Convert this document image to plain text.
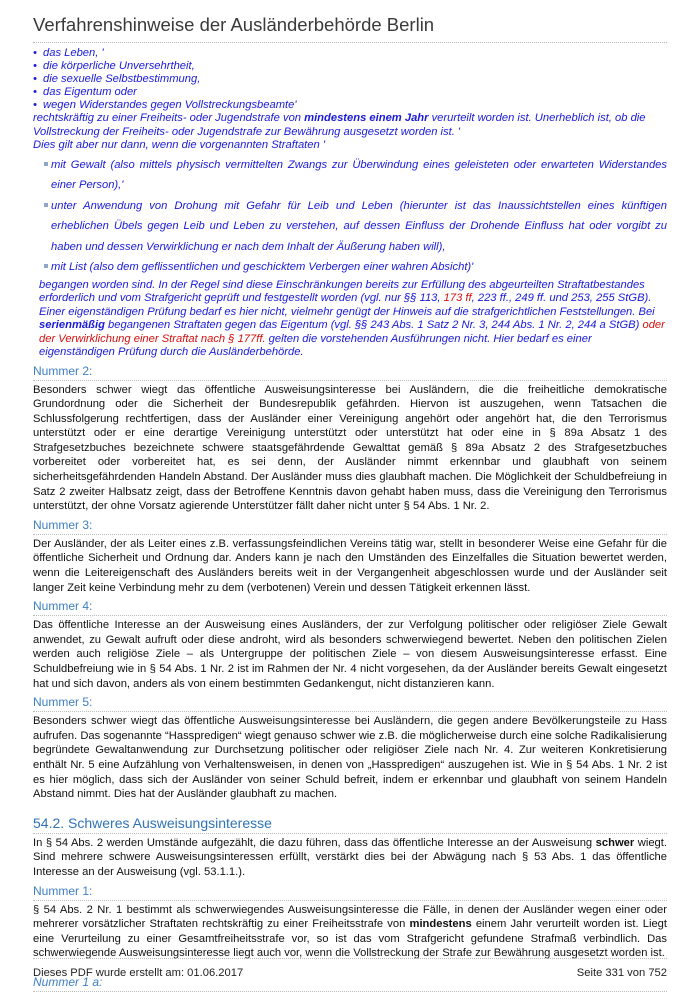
Verfahrenshinweise der Ausländerbehörde Berlin
• das Leben, '
• die körperliche Unversehrtheit,
• die sexuelle Selbstbestimmung,
• das Eigentum oder
• wegen Widerstandes gegen Vollstreckungsbeamte'
rechtskräftig zu einer Freiheits- oder Jugendstrafe von mindestens einem Jahr verurteilt worden ist. Unerheblich ist, ob die Vollstreckung der Freiheits- oder Jugendstrafe zur Bewährung ausgesetzt worden ist. '
Dies gilt aber nur dann, wenn die vorgenannten Straftaten '
mit Gewalt (also mittels physisch vermittelten Zwangs zur Überwindung eines geleisteten oder erwarteten Widerstandes einer Person),'
unter Anwendung von Drohung mit Gefahr für Leib und Leben (hierunter ist das Inaussichtstellen eines künftigen erheblichen Übels gegen Leib und Leben zu verstehen, auf dessen Einfluss der Drohende Einfluss hat oder vorgibt zu haben und dessen Verwirklichung er nach dem Inhalt der Äußerung haben will),
mit List (also dem geflissentlichen und geschicktem Verbergen einer wahren Absicht)'
begangen worden sind. In der Regel sind diese Einschränkungen bereits zur Erfüllung des abgeurteilten Straftatbestandes erforderlich und vom Strafgericht geprüft und festgestellt worden (vgl. nur §§ 113, 173 ff, 223 ff., 249 ff. und 253, 255 StGB). Einer eigenständigen Prüfung bedarf es hier nicht, vielmehr genügt der Hinweis auf die strafgerichtlichen Feststellungen. Bei serienmäßig begangenen Straftaten gegen das Eigentum (vgl. §§ 243 Abs. 1 Satz 2 Nr. 3, 244 Abs. 1 Nr. 2, 244 a StGB) oder der Verwirklichung einer Straftat nach § 177ff. gelten die vorstehenden Ausführungen nicht. Hier bedarf es einer eigenständigen Prüfung durch die Ausländerbehörde.
Nummer 2:

Besonders schwer wiegt das öffentliche Ausweisungsinteresse bei Ausländern, die die freiheitliche demokratische Grundordnung oder die Sicherheit der Bundesrepublik gefährden. Hiervon ist auszugehen, wenn Tatsachen die Schlussfolgerung rechtfertigen, dass der Ausländer einer Vereinigung angehört oder angehört hat, die den Terrorismus unterstützt oder er eine derartige Vereinigung unterstützt oder unterstützt hat oder eine in § 89a Absatz 1 des Strafgesetzbuches bezeichnete schwere staatsgefährdende Gewalttat gemäß § 89a Absatz 2 des Strafgesetzbuches vorbereitet oder vorbereitet hat, es sei denn, der Ausländer nimmt erkennbar und glaubhaft von seinem sicherheitsgefährdenden Handeln Abstand. Der Ausländer muss dies glaubhaft machen. Die Möglichkeit der Schuldbefreiung in Satz 2 zweiter Halbsatz zeigt, dass der Betroffene Kenntnis davon gehabt haben muss, dass die Vereinigung den Terrorismus unterstützt, der ohne Vorsatz agierende Unterstützer fällt daher nicht unter § 54 Abs. 1 Nr. 2.

Nummer 3:

Der Ausländer, der als Leiter eines z.B. verfassungsfeindlichen Vereins tätig war, stellt in besonderer Weise eine Gefahr für die öffentliche Sicherheit und Ordnung dar. Anders kann je nach den Umständen des Einzelfalles die Situation bewertet werden, wenn die Leitereigenschaft des Ausländers bereits weit in der Vergangenheit abgeschlossen wurde und der Ausländer seit langer Zeit keine Verbindung mehr zu dem (verbotenen) Verein und dessen Tätigkeit erkennen lässt.

Nummer 4:

Das öffentliche Interesse an der Ausweisung eines Ausländers, der zur Verfolgung politischer oder religiöser Ziele Gewalt anwendet, zu Gewalt aufruft oder diese androht, wird als besonders schwerwiegend bewertet. Neben den politischen Zielen werden auch religiöse Ziele – als Untergruppe der politischen Ziele – von diesem Ausweisungsinteresse erfasst. Eine Schuldbefreiung wie in § 54 Abs. 1 Nr. 2 ist im Rahmen der Nr. 4 nicht vorgesehen, da der Ausländer bereits Gewalt eingesetzt hat und sich davon, anders als von einem bestimmten Gedankengut, nicht distanzieren kann.

Nummer 5:

Besonders schwer wiegt das öffentliche Ausweisungsinteresse bei Ausländern, die gegen andere Bevölkerungsteile zu Hass aufrufen. Das sogenannte “Hasspredigen“ wiegt genauso schwer wie z.B. die möglicherweise durch eine solche Radikalisierung begründete Gewaltanwendung zur Durchsetzung politischer oder religiöser Ziele nach Nr. 4. Zur weiteren Konkretisierung enthält Nr. 5 eine Aufzählung von Verhaltensweisen, in denen von „Hasspredigen“ auszugehen ist. Wie in § 54 Abs. 1 Nr. 2 ist es hier möglich, dass sich der Ausländer von seiner Schuld befreit, indem er erkennbar und glaubhaft von seinem Handeln Abstand nimmt. Dies hat der Ausländer glaubhaft zu machen.

54.2. Schweres Ausweisungsinteresse

In § 54 Abs. 2 werden Umstände aufgezählt, die dazu führen, dass das öffentliche Interesse an der Ausweisung schwer wiegt. Sind mehrere schwere Ausweisungsinteressen erfüllt, verstärkt dies bei der Abwägung nach § 53 Abs. 1 das öffentliche Interesse an der Ausweisung (vgl. 53.1.1.).

Nummer 1:

§ 54 Abs. 2 Nr. 1 bestimmt als schwerwiegendes Ausweisungsinteresse die Fälle, in denen der Ausländer wegen einer oder mehrerer vorsätzlicher Straftaten rechtskräftig zu einer Freiheitsstrafe von mindestens einem Jahr verurteilt worden ist. Liegt eine Verurteilung zu einer Gesamtfreiheitsstrafe vor, so ist das vom Strafgericht gefundene Strafmaß verbindlich. Das schwerwiegende Ausweisungsinteresse liegt auch vor, wenn die Vollstreckung der Strafe zur Bewährung ausgesetzt worden ist.

Nummer 1 a:
Dieses PDF wurde erstellt am: 01.06.2017	Seite 331 von 752
